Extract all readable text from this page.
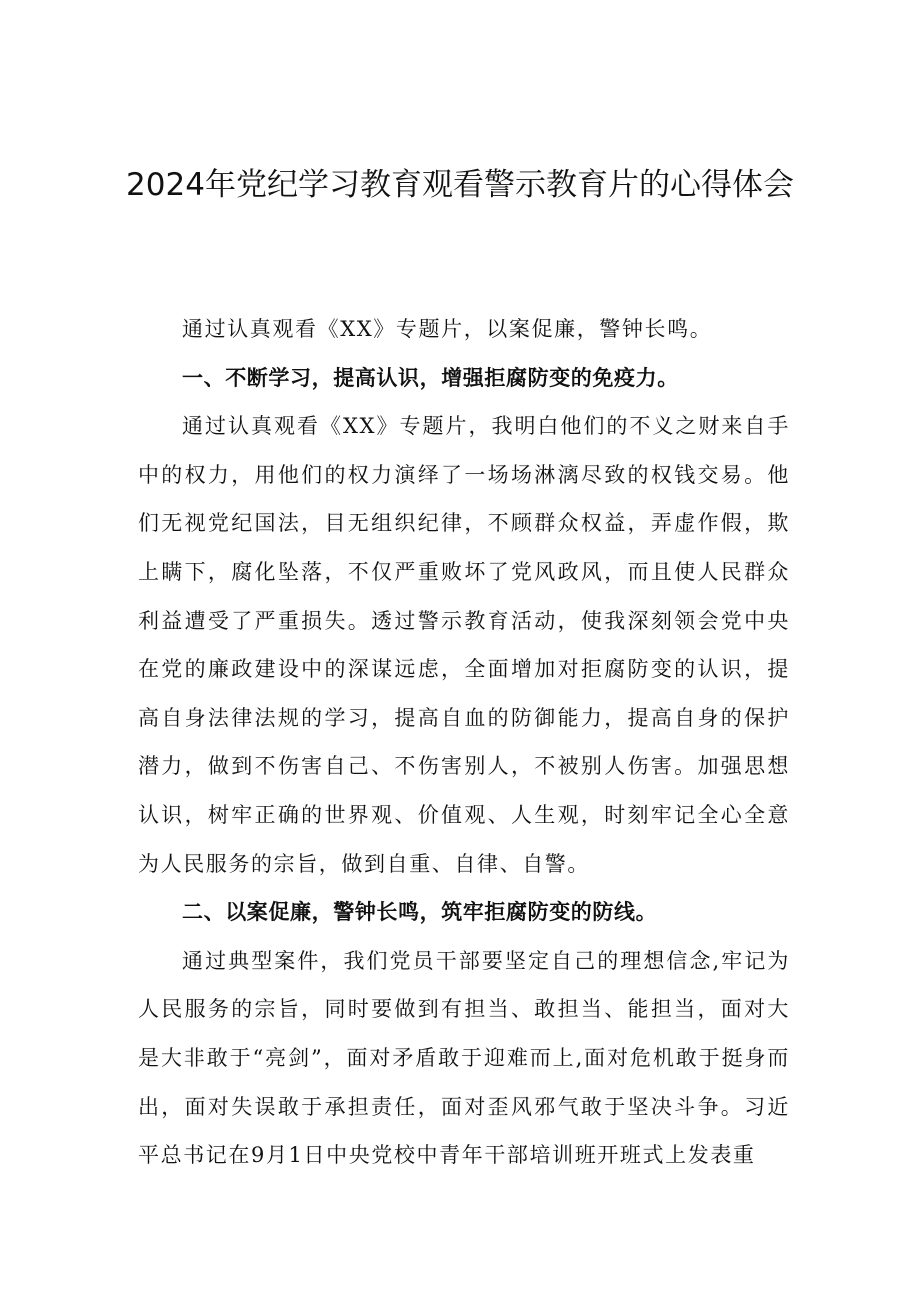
2024年党纪学习教育观看警示教育片的心得体会

通过认真观看《XX》专题片，以案促廉，警钟长鸣。

一、不断学习，提高认识，增强拒腐防变的免疫力。

通过认真观看《XX》专题片，我明白他们的不义之财来自手中的权力，用他们的权力演绎了一场场淋漓尽致的权钱交易。他们无视党纪国法，目无组织纪律，不顾群众权益，弄虚作假，欺上瞒下，腐化坠落，不仅严重败坏了党风政风，而且使人民群众利益遭受了严重损失。透过警示教育活动，使我深刻领会党中央在党的廉政建设中的深谋远虑，全面增加对拒腐防变的认识，提高自身法律法规的学习，提高自血的防御能力，提高自身的保护潜力，做到不伤害自己、不伤害别人，不被别人伤害。加强思想认识，树牢正确的世界观、价值观、人生观，时刻牢记全心全意为人民服务的宗旨，做到自重、自律、自警。

二、以案促廉，警钟长鸣，筑牢拒腐防变的防线。

通过典型案件，我们党员干部要坚定自己的理想信念,牢记为人民服务的宗旨，同时要做到有担当、敢担当、能担当，面对大是大非敢于“亮剑”，面对矛盾敢于迎难而上,面对危机敢于挺身而出，面对失误敢于承担责任，面对歪风邪气敢于坚决斗争。习近平总书记在9月1日中央党校中青年干部培训班开班式上发表重
